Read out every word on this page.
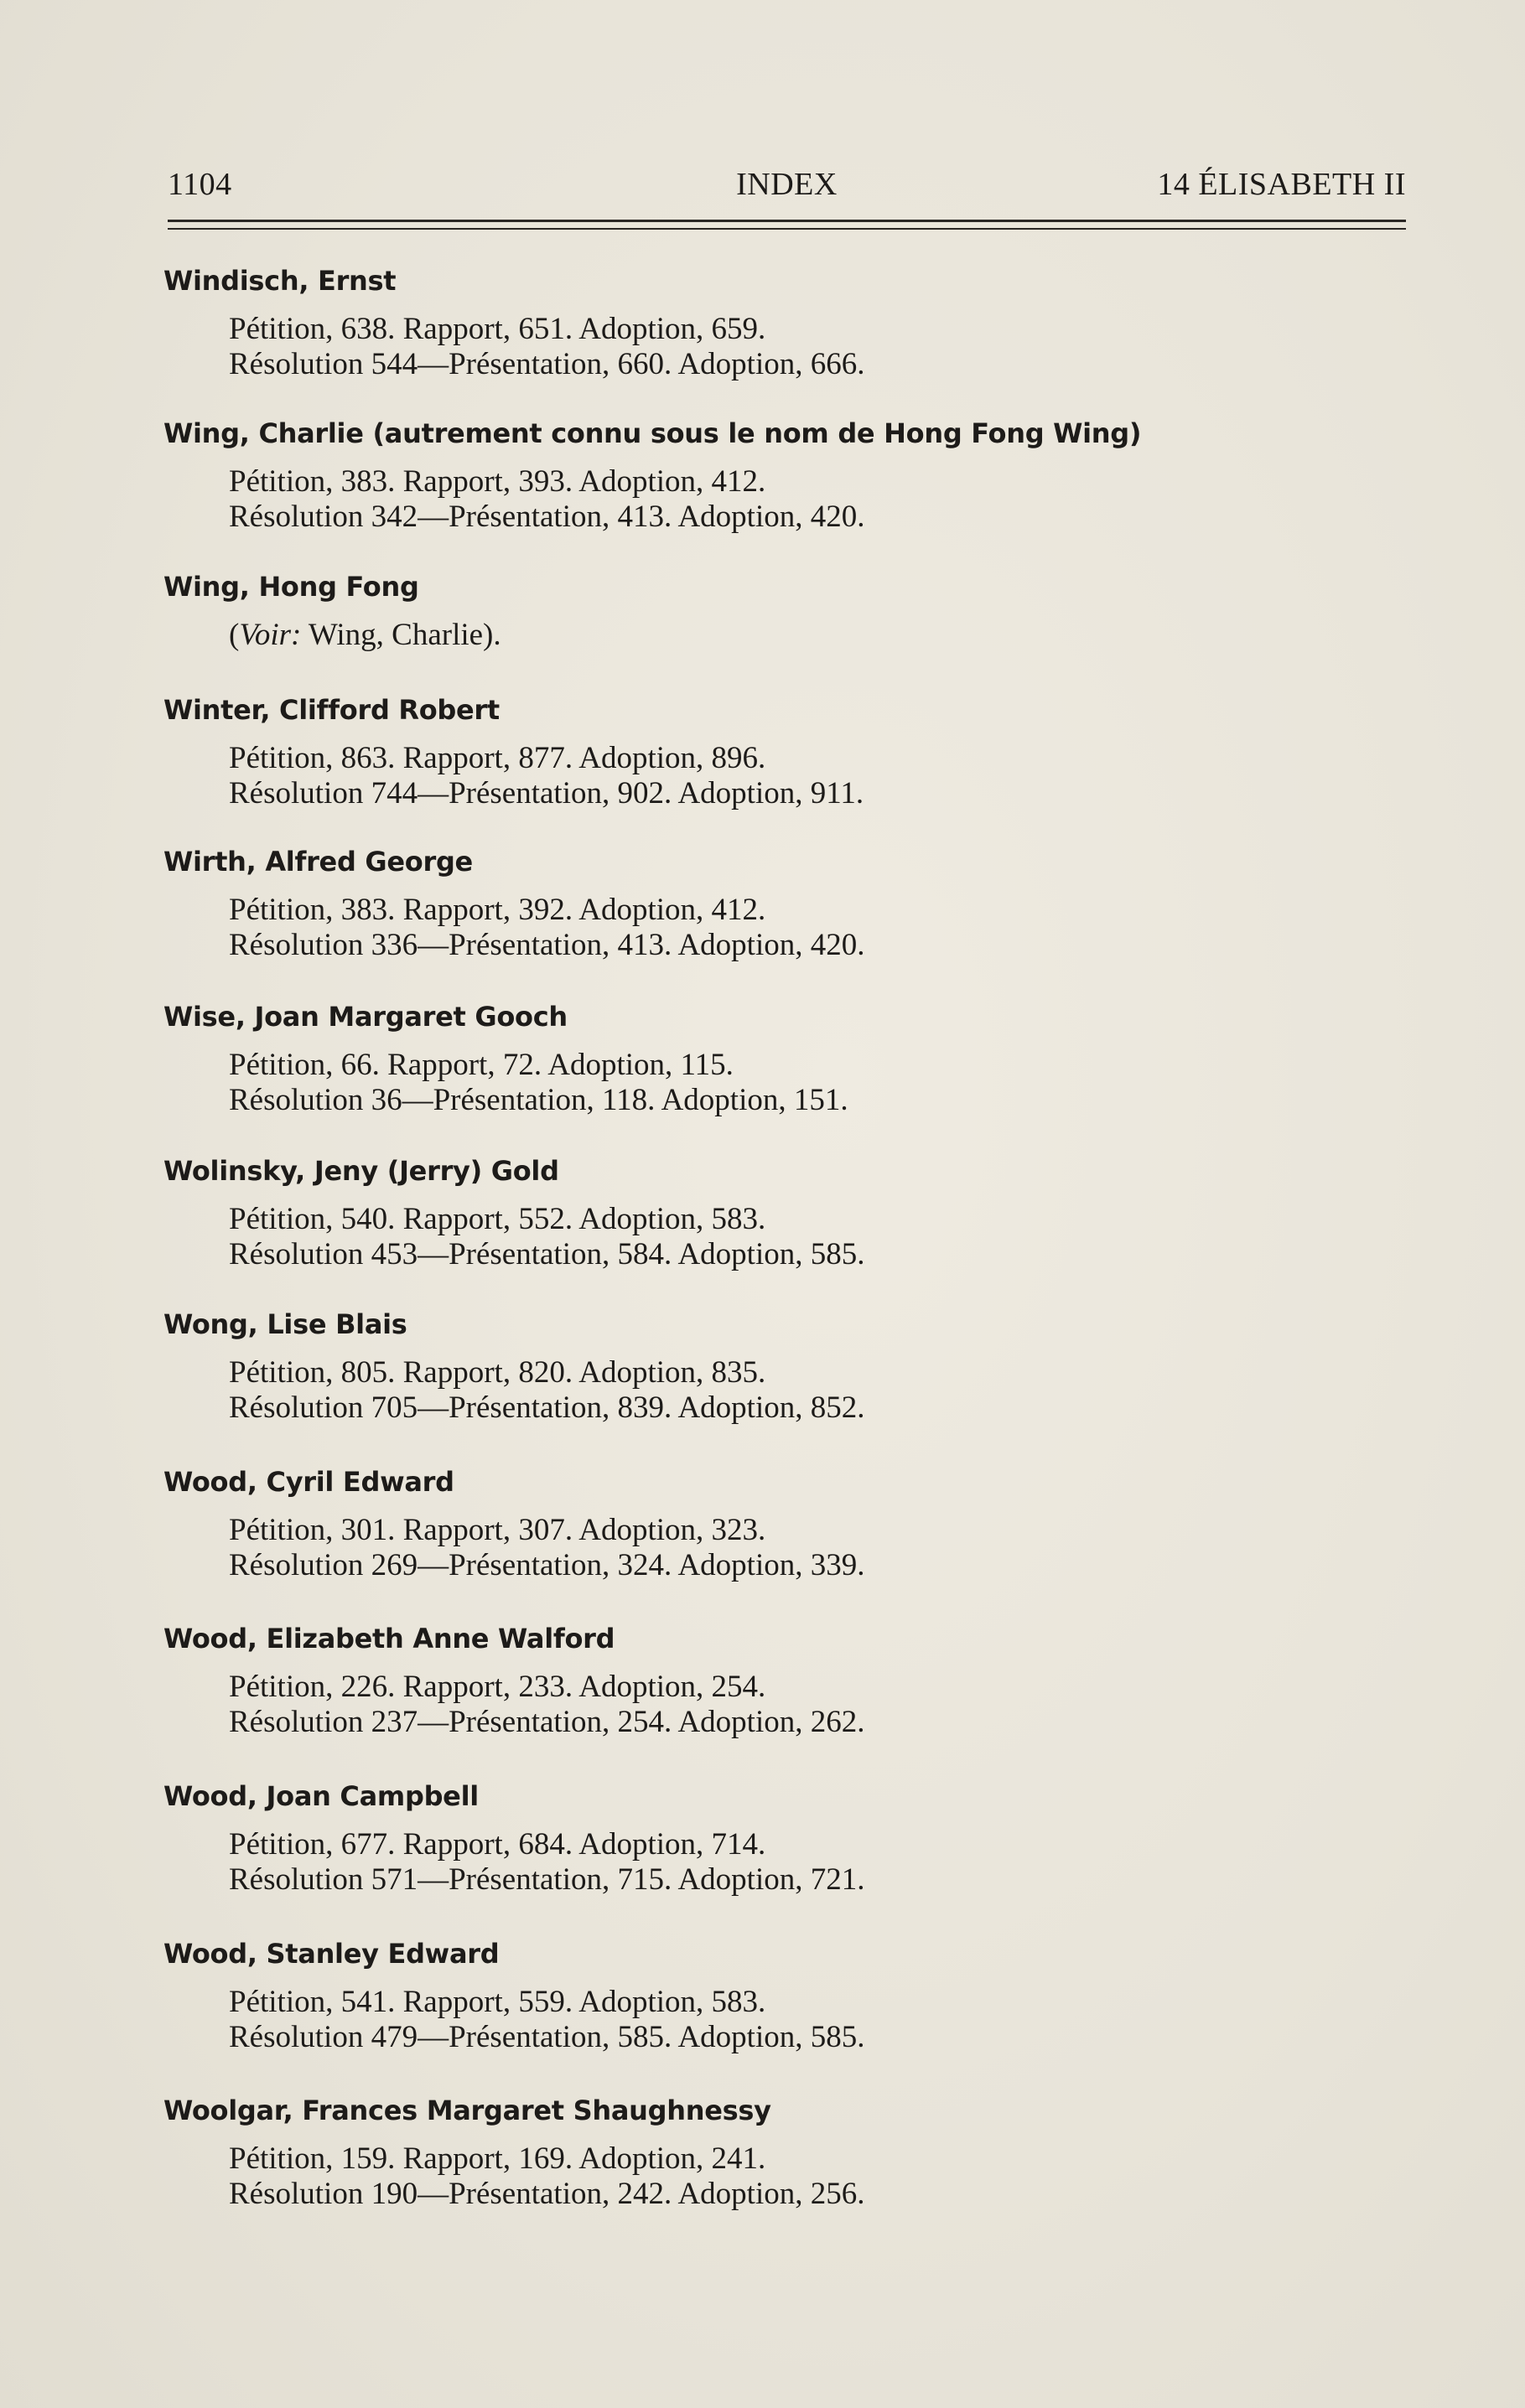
1104	INDEX	14 ÉLISABETH II
Windisch, Ernst
Pétition, 638. Rapport, 651. Adoption, 659.
Résolution 544—Présentation, 660. Adoption, 666.
Wing, Charlie (autrement connu sous le nom de Hong Fong Wing)
Pétition, 383. Rapport, 393. Adoption, 412.
Résolution 342—Présentation, 413. Adoption, 420.
Wing, Hong Fong
(Voir: Wing, Charlie).
Winter, Clifford Robert
Pétition, 863. Rapport, 877. Adoption, 896.
Résolution 744—Présentation, 902. Adoption, 911.
Wirth, Alfred George
Pétition, 383. Rapport, 392. Adoption, 412.
Résolution 336—Présentation, 413. Adoption, 420.
Wise, Joan Margaret Gooch
Pétition, 66. Rapport, 72. Adoption, 115.
Résolution 36—Présentation, 118. Adoption, 151.
Wolinsky, Jeny (Jerry) Gold
Pétition, 540. Rapport, 552. Adoption, 583.
Résolution 453—Présentation, 584. Adoption, 585.
Wong, Lise Blais
Pétition, 805. Rapport, 820. Adoption, 835.
Résolution 705—Présentation, 839. Adoption, 852.
Wood, Cyril Edward
Pétition, 301. Rapport, 307. Adoption, 323.
Résolution 269—Présentation, 324. Adoption, 339.
Wood, Elizabeth Anne Walford
Pétition, 226. Rapport, 233. Adoption, 254.
Résolution 237—Présentation, 254. Adoption, 262.
Wood, Joan Campbell
Pétition, 677. Rapport, 684. Adoption, 714.
Résolution 571—Présentation, 715. Adoption, 721.
Wood, Stanley Edward
Pétition, 541. Rapport, 559. Adoption, 583.
Résolution 479—Présentation, 585. Adoption, 585.
Woolgar, Frances Margaret Shaughnessy
Pétition, 159. Rapport, 169. Adoption, 241.
Résolution 190—Présentation, 242. Adoption, 256.
